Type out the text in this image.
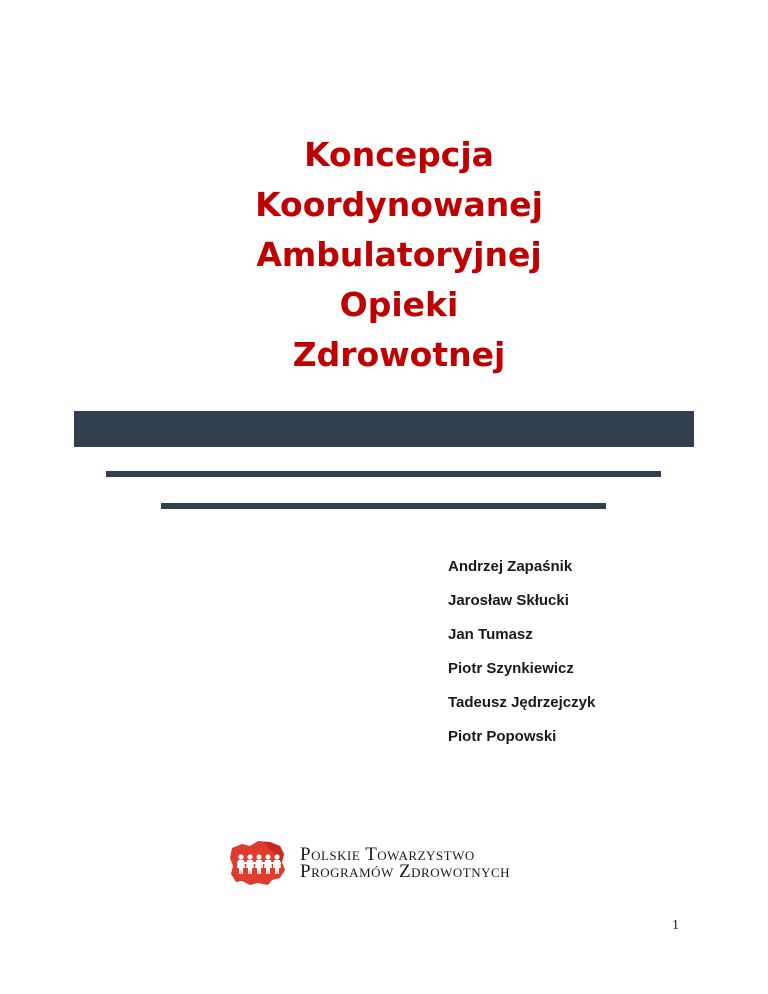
Koncepcja
Koordynowanej
Ambulatoryjnej
Opieki
Zdrowotnej
Andrzej Zapaśnik
Jarosław Skłucki
Jan Tumasz
Piotr Szynkiewicz
Tadeusz Jędrzejczyk
Piotr Popowski
Polskie Towarzystwo
Programów Zdrowotnych
1
